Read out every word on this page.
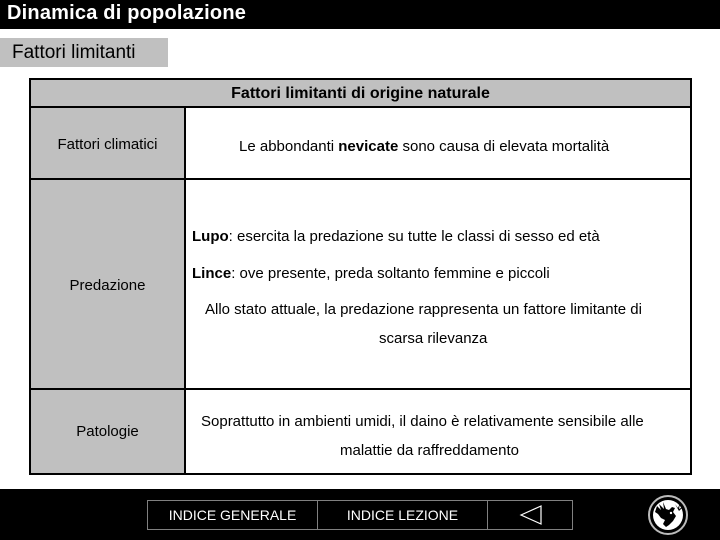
Dinamica di popolazione
Fattori limitanti
Fattori limitanti di origine naturale
Fattori climatici	Le abbondanti nevicate sono causa di elevata mortalità
Predazione
Lupo: esercita la predazione su tutte le classi di sesso ed età
Lince: ove presente, preda soltanto femmine e piccoli
Allo stato attuale, la predazione rappresenta un fattore limitante di
scarsa rilevanza
Patologie
Soprattutto in ambienti umidi, il daino è relativamente sensibile alle
malattie da raffreddamento
INDICE GENERALE	INDICE LEZIONE
